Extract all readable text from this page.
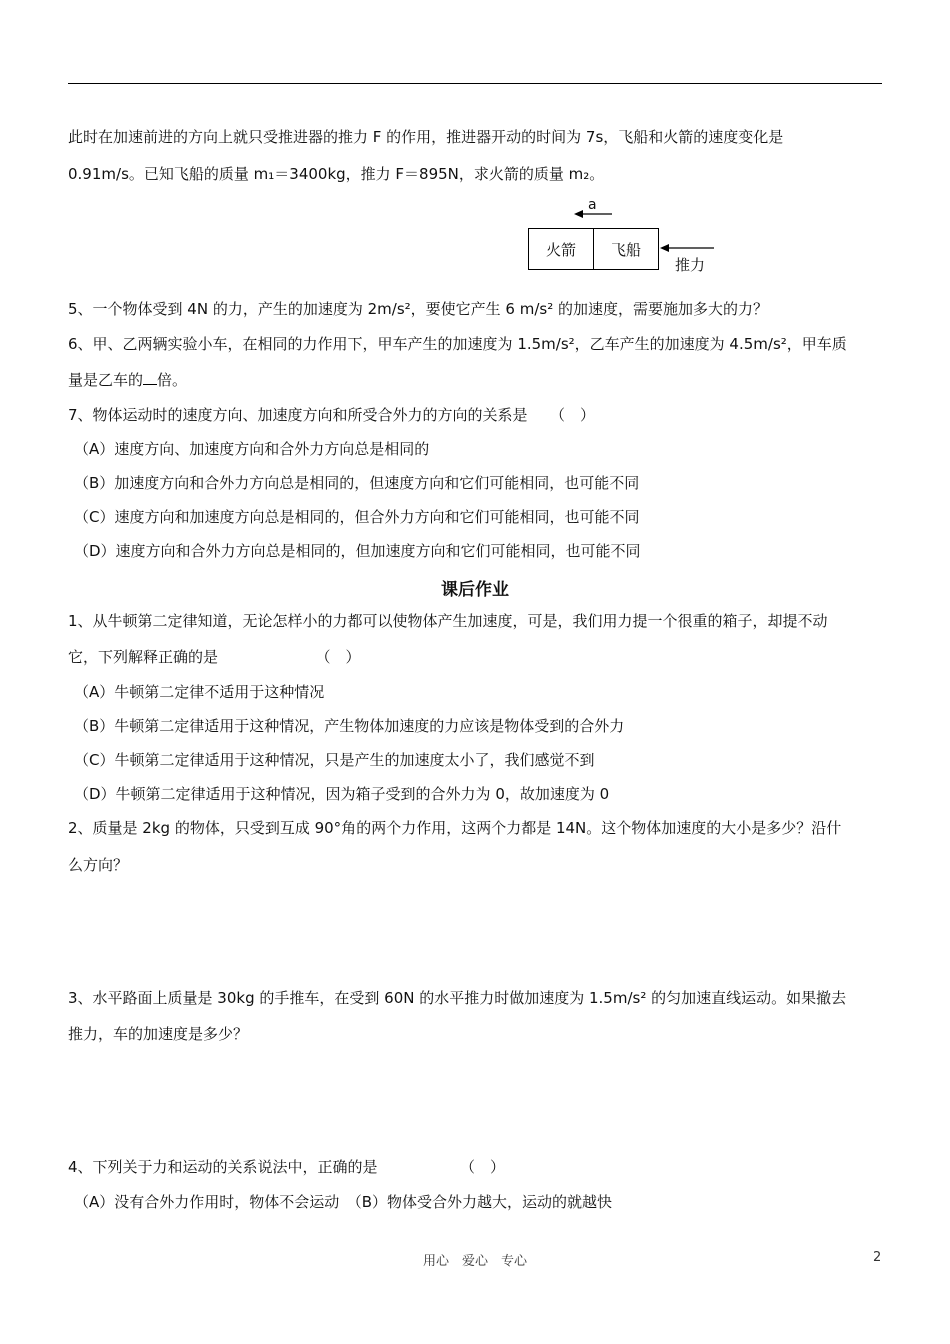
此时在加速前进的方向上就只受推进器的推力 F 的作用，推进器开动的时间为 7s，飞船和火箭的速度变化是
0.91m/s。已知飞船的质量 m₁＝3400kg，推力 F＝895N，求火箭的质量 m₂。
a
火箭	飞船
推力
5、一个物体受到 4N 的力，产生的加速度为 2m/s²，要使它产生 6 m/s² 的加速度，需要施加多大的力？
6、甲、乙两辆实验小车，在相同的力作用下，甲车产生的加速度为 1.5m/s²，乙车产生的加速度为 4.5m/s²，甲车质
量是乙车的 倍。
7、物体运动时的速度方向、加速度方向和所受合外力的方向的关系是　　（　）
（A）速度方向、加速度方向和合外力方向总是相同的
（B）加速度方向和合外力方向总是相同的，但速度方向和它们可能相同，也可能不同
（C）速度方向和加速度方向总是相同的，但合外力方向和它们可能相同，也可能不同
（D）速度方向和合外力方向总是相同的，但加速度方向和它们可能相同，也可能不同
课后作业
1、从牛顿第二定律知道，无论怎样小的力都可以使物体产生加速度，可是，我们用力提一个很重的箱子，却提不动
它，下列解释正确的是　　　　　　　（　）
（A）牛顿第二定律不适用于这种情况
（B）牛顿第二定律适用于这种情况，产生物体加速度的力应该是物体受到的合外力
（C）牛顿第二定律适用于这种情况，只是产生的加速度太小了，我们感觉不到
（D）牛顿第二定律适用于这种情况，因为箱子受到的合外力为 0，故加速度为 0
2、质量是 2kg 的物体，只受到互成 90°角的两个力作用，这两个力都是 14N。这个物体加速度的大小是多少？沿什
么方向？
3、水平路面上质量是 30kg 的手推车，在受到 60N 的水平推力时做加速度为 1.5m/s² 的匀加速直线运动。如果撤去
推力，车的加速度是多少？
4、下列关于力和运动的关系说法中，正确的是　　　　　　（　）
（A）没有合外力作用时，物体不会运动　（B）物体受合外力越大，运动的就越快
用心　爱心　专心	2
